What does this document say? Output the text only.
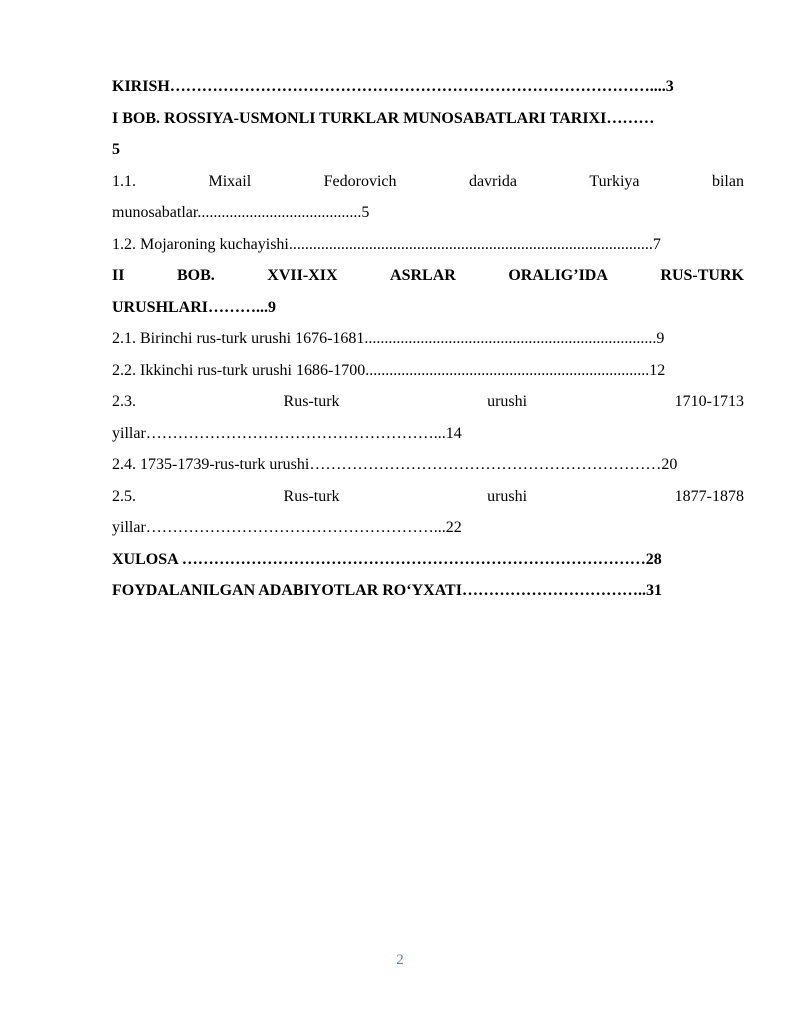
KIRISH………………………………………………………………………………....3
I BOB. ROSSIYA-USMONLI TURKLAR MUNOSABATLARI TARIXI………
5
1.1.	Mixail	Fedorovich	davrida	Turkiya	bilan
munosabatlar.........................................5
1.2. Mojaroning kuchayishi...........................................................................................7
II	BOB.	XVII-XIX	ASRLAR	ORALIG’IDA	RUS-TURK
URUSHLARI………...9
2.1. Birinchi rus-turk urushi 1676-1681.........................................................................9
2.2. Ikkinchi rus-turk urushi 1686-1700.......................................................................12
2.3.	Rus-turk	urushi	1710-1713
yillar………………………………………………...14
2.4. 1735-1739-rus-turk urushi…………………………………………………………20
2.5.	Rus-turk	urushi	1877-1878
yillar………………………………………………...22
XULOSA ……………………………………………………………………………28
FOYDALANILGAN ADABIYOTLAR RO‘YXATI……………………………..31
2
